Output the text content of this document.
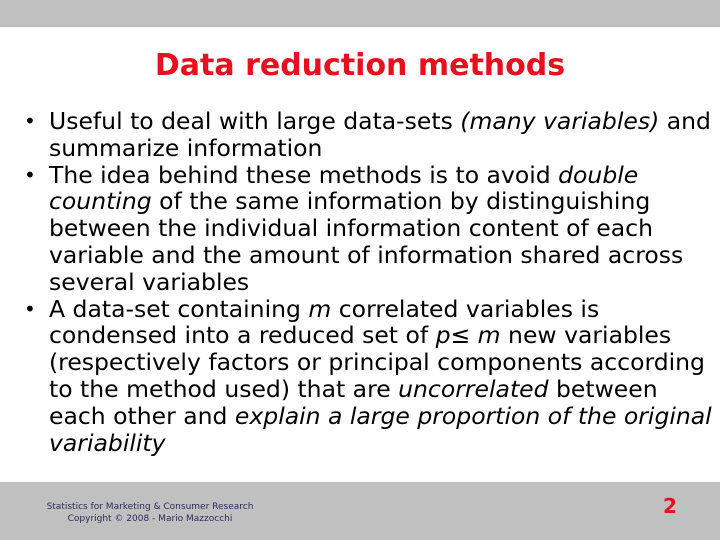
Data reduction methods
• Useful to deal with large data-sets (many variables) and summarize information
• The idea behind these methods is to avoid double counting of the same information by distinguishing between the individual information content of each variable and the amount of information shared across several variables
• A data-set containing m correlated variables is condensed into a reduced set of p≤ m new variables (respectively factors or principal components according to the method used) that are uncorrelated between each other and explain a large proportion of the original variability
Statistics for Marketing & Consumer Research
Copyright © 2008 - Mario Mazzocchi
2
